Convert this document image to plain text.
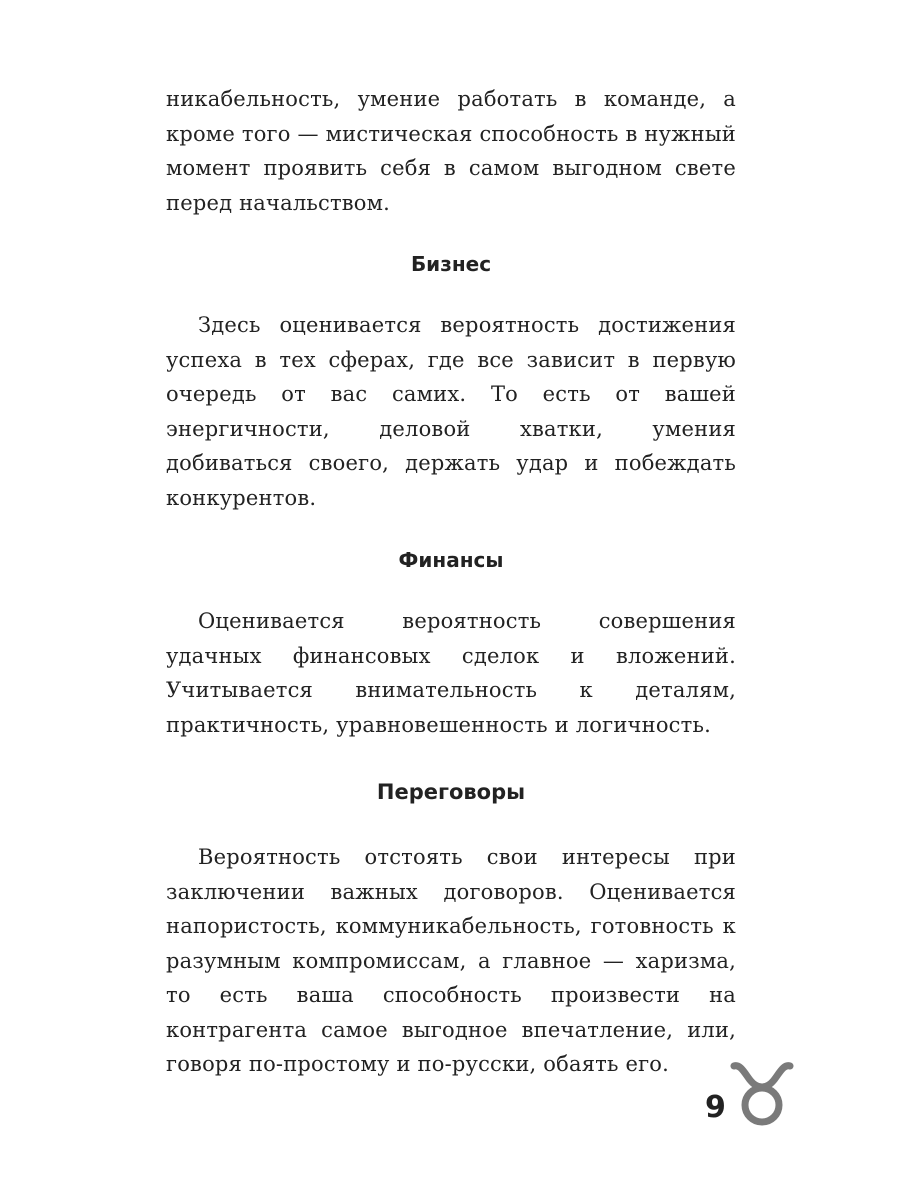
никабельность, умение работать в команде, а кроме того — мистическая способность в нужный момент проявить себя в самом выгодном свете перед начальством.

Бизнес

Здесь оценивается вероятность достижения успеха в тех сферах, где все зависит в первую очередь от вас самих. То есть от вашей энергичности, деловой хватки, умения добиваться своего, держать удар и побеждать конкурентов.

Финансы

Оценивается вероятность совершения удачных финансовых сделок и вложений. Учитывается внимательность к деталям, практичность, уравновешенность и логичность.

Переговоры

Вероятность отстоять свои интересы при заключении важных договоров. Оценивается напористость, коммуникабельность, готовность к разумным компромиссам, а главное — харизма, то есть ваша способность произвести на контрагента самое выгодное впечатление, или, говоря по-простому и по-русски, обаять его.

9
